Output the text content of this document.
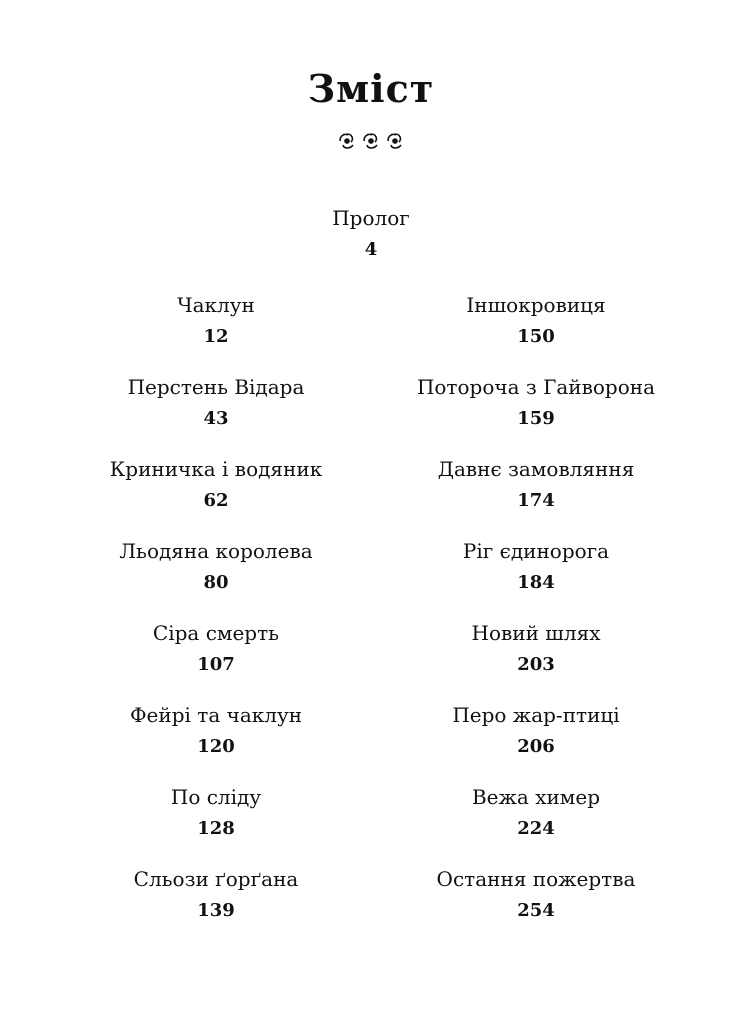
Зміст
Пролог
4
Чаклун
12
Перстень Відара
43
Криничка і водяник
62
Льодяна королева
80
Сіра смерть
107
Фейрі та чаклун
120
По сліду
128
Сльози ґорґана
139
Іншокровиця
150
Потороча з Гайворона
159
Давнє замовляння
174
Ріг єдинорога
184
Новий шлях
203
Перо жар-птиці
206
Вежа химер
224
Остання пожертва
254
